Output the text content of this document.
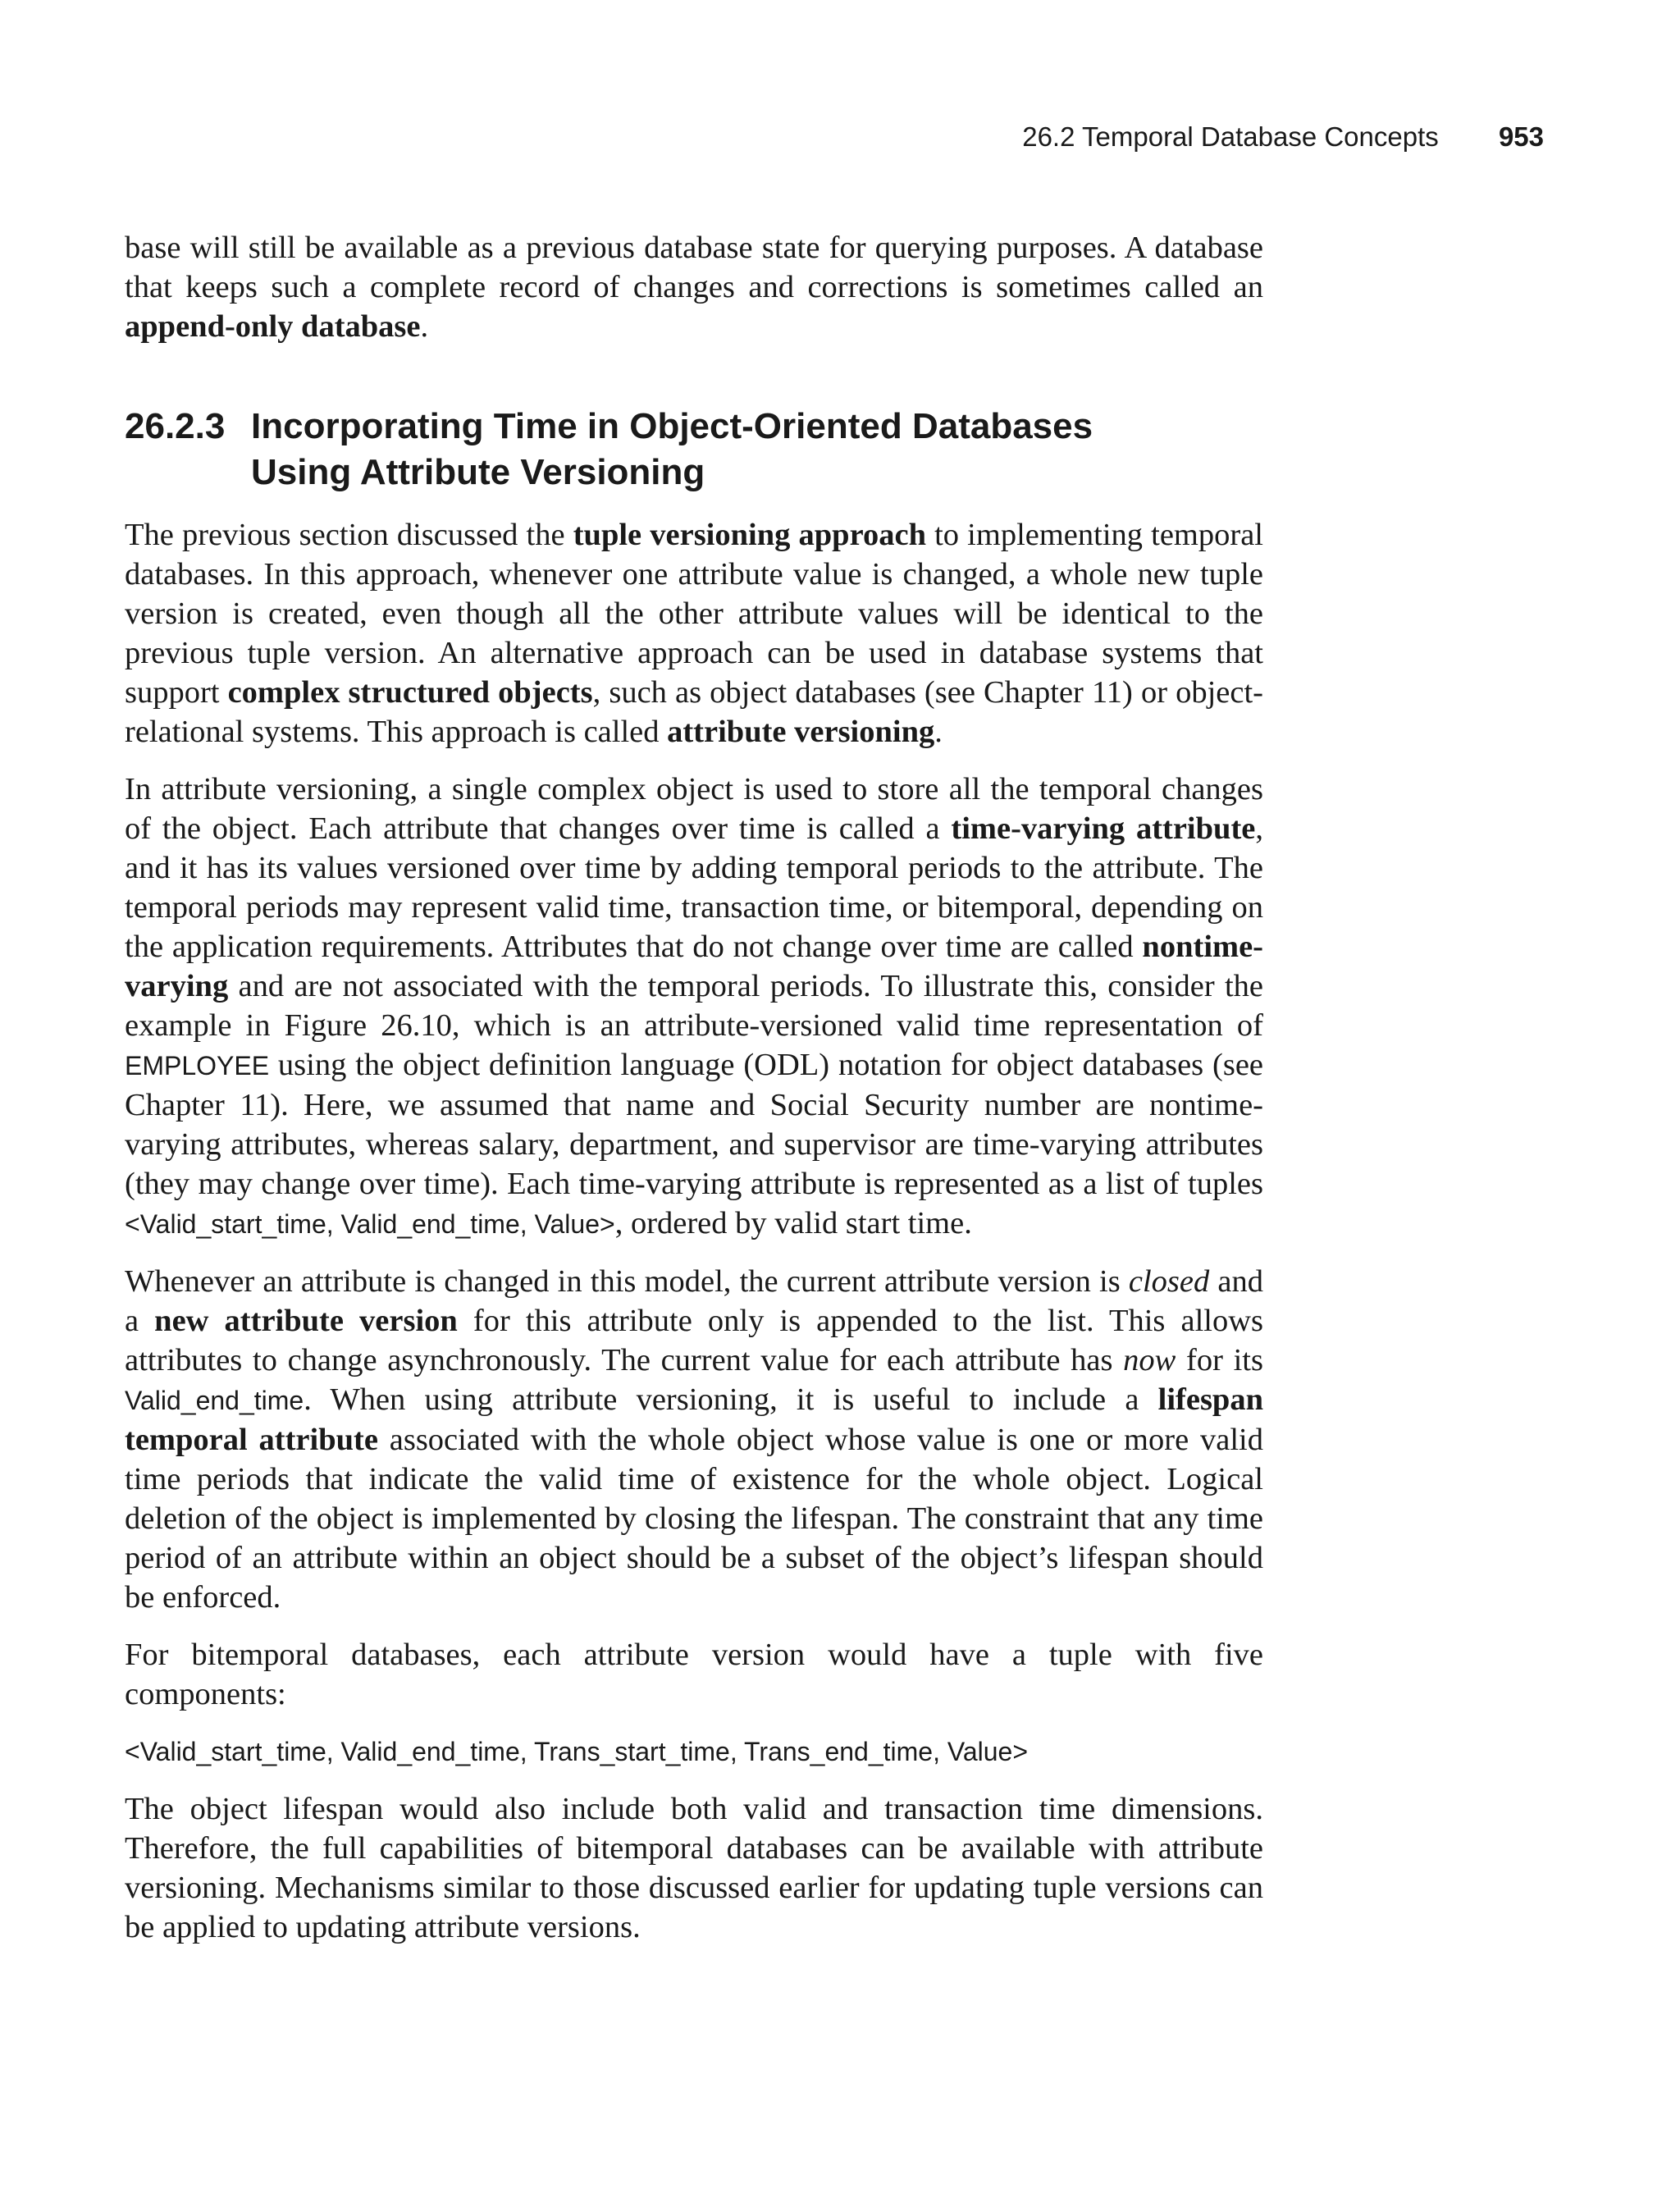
26.2 Temporal Database Concepts 953

base will still be available as a previous database state for querying purposes. A database that keeps such a complete record of changes and corrections is sometimes called an append-only database.

26.2.3 Incorporating Time in Object-Oriented Databases
Using Attribute Versioning

The previous section discussed the tuple versioning approach to implementing temporal databases. In this approach, whenever one attribute value is changed, a whole new tuple version is created, even though all the other attribute values will be identical to the previous tuple version. An alternative approach can be used in database systems that support complex structured objects, such as object databases (see Chapter 11) or object-relational systems. This approach is called attribute versioning.

In attribute versioning, a single complex object is used to store all the temporal changes of the object. Each attribute that changes over time is called a time-varying attribute, and it has its values versioned over time by adding temporal periods to the attribute. The temporal periods may represent valid time, transaction time, or bitemporal, depending on the application requirements. Attributes that do not change over time are called nontime-varying and are not associated with the temporal periods. To illustrate this, consider the example in Figure 26.10, which is an attribute-versioned valid time representation of EMPLOYEE using the object definition language (ODL) notation for object databases (see Chapter 11). Here, we assumed that name and Social Security number are nontime-varying attributes, whereas salary, department, and supervisor are time-varying attributes (they may change over time). Each time-varying attribute is represented as a list of tuples <Valid_start_time, Valid_end_time, Value>, ordered by valid start time.

Whenever an attribute is changed in this model, the current attribute version is closed and a new attribute version for this attribute only is appended to the list. This allows attributes to change asynchronously. The current value for each attribute has now for its Valid_end_time. When using attribute versioning, it is useful to include a lifespan temporal attribute associated with the whole object whose value is one or more valid time periods that indicate the valid time of existence for the whole object. Logical deletion of the object is implemented by closing the lifespan. The constraint that any time period of an attribute within an object should be a subset of the object’s lifespan should be enforced.

For bitemporal databases, each attribute version would have a tuple with five components:

<Valid_start_time, Valid_end_time, Trans_start_time, Trans_end_time, Value>

The object lifespan would also include both valid and transaction time dimensions. Therefore, the full capabilities of bitemporal databases can be available with attribute versioning. Mechanisms similar to those discussed earlier for updating tuple versions can be applied to updating attribute versions.
